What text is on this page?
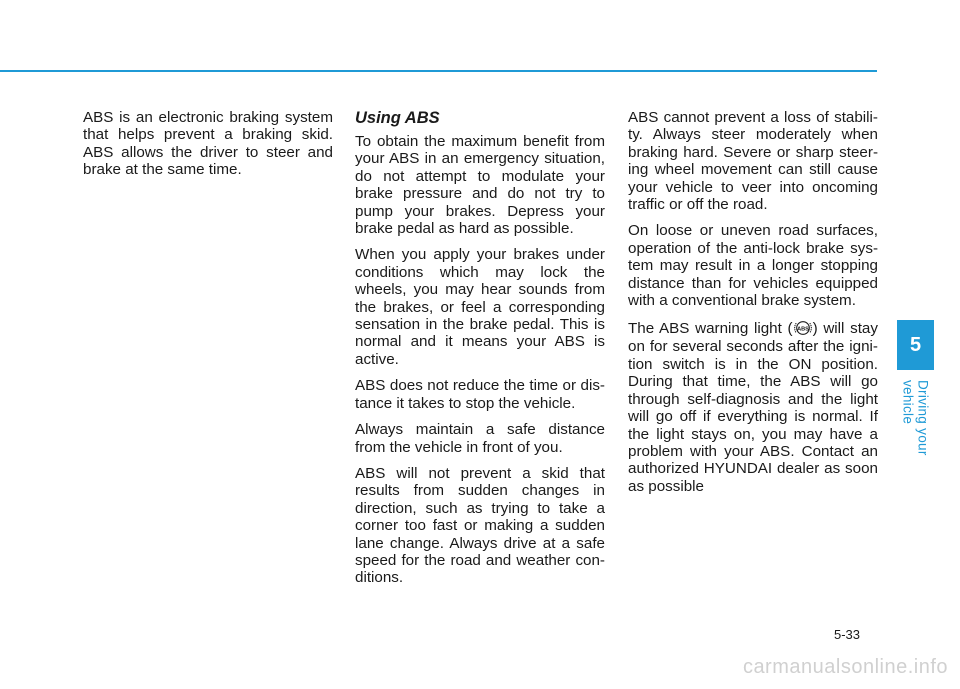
ABS is an electronic braking system that helps prevent a braking skid. ABS allows the driver to steer and brake at the same time.

Using ABS

To obtain the maximum benefit from your ABS in an emergency situation, do not attempt to modulate your brake pressure and do not try to pump your brakes. Depress your brake pedal as hard as possible.

When you apply your brakes under conditions which may lock the wheels, you may hear sounds from the brakes, or feel a corresponding sensation in the brake pedal. This is normal and it means your ABS is active.

ABS does not reduce the time or dis-tance it takes to stop the vehicle.

Always maintain a safe distance from the vehicle in front of you.

ABS will not prevent a skid that results from sudden changes in direction, such as trying to take a corner too fast or making a sudden lane change. Always drive at a safe speed for the road and weather con-ditions.

ABS cannot prevent a loss of stabili-ty. Always steer moderately when braking hard. Severe or sharp steer-ing wheel movement can still cause your vehicle to veer into oncoming traffic or off the road.

On loose or uneven road surfaces, operation of the anti-lock brake sys-tem may result in a longer stopping distance than for vehicles equipped with a conventional brake system.

The ABS warning light ( ABS ) will stay on for several seconds after the igni-tion switch is in the ON position. During that time, the ABS will go through self-diagnosis and the light will go off if everything is normal. If the light stays on, you may have a problem with your ABS. Contact an authorized HYUNDAI dealer as soon as possible

5
Driving your vehicle
5-33
carmanualsonline.info
